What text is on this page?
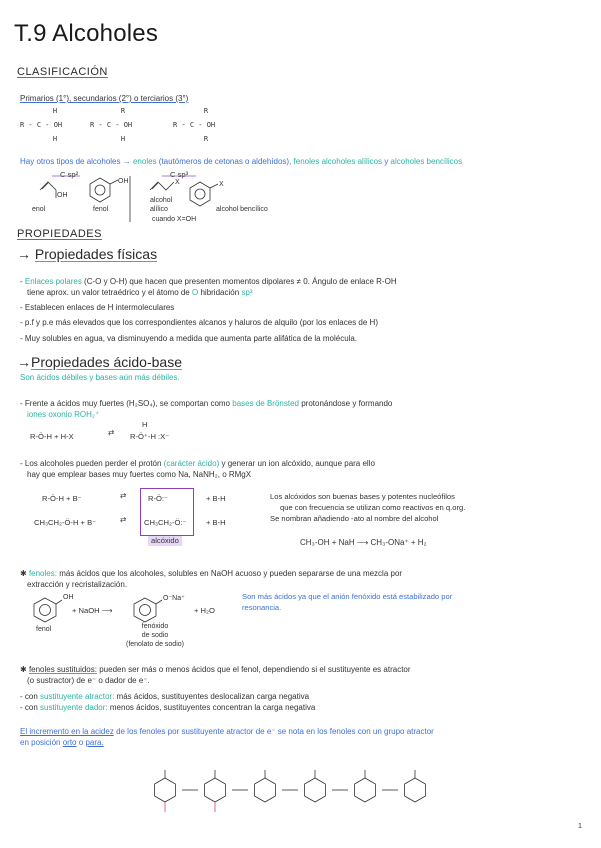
T.9 Alcoholes
CLASIFICACIÓN
Primarios (1°), secundarios (2°) o terciarios (3°)
H
R - C - OH
H
R
R - C - OH
H
R
R - C - OH
R
Hay otros tipos de alcoholes → enoles (tautómeros de cetonas o aldehídos), fenoles alcoholes alílicos y alcoholes bencílicos
C sp²	C sp³
OH
OH	X	X
enol	fenol
alcohol
alílico
cuando X=OH
alcohol bencílico
PROPIEDADES
→ Propiedades físicas
- Enlaces polares (C-O y O-H) que hacen que presenten momentos dipolares ≠ 0. Ángulo de enlace R-OH
tiene aprox. un valor tetraédrico y el átomo de O hibridación sp³
- Establecen enlaces de H intermoleculares
- p.f y p.e más elevados que los correspondientes alcanos y haluros de alquilo (por los enlaces de H)
- Muy solubles en agua, va disminuyendo a medida que aumenta parte alifática de la molécula.
→Propiedades ácido-base
Son ácidos débiles y bases aún más débiles.
- Frente a ácidos muy fuertes (H₂SO₄), se comportan como bases de Brönsted protonándose y formando
iones oxonio ROH₂⁺
R-Ö-H + H-X	⇄ R-Ö⁺-H :X⁻
H
- Los alcoholes pueden perder el protón (carácter ácido) y generar un ion alcóxido, aunque para ello
hay que emplear bases muy fuertes como Na, NaNH₂, o RMgX
R-Ö-H + B⁻	⇄	R-Ö:⁻	+ B-H
CH₃CH₂-Ö-H + B⁻	⇄ CH₃CH₂-Ö:⁻	+ B-H
alcóxido
Los alcóxidos son buenas bases y potentes nucleófilos
que con frecuencia se utilizan como reactivos en q.org.
Se nombran añadiendo -ato al nombre del alcohol
CH₃-OH + NaH ⟶ CH₃-ONa⁺ + H₂
✱ fenoles: más ácidos que los alcoholes, solubles en NaOH acuoso y pueden separarse de una mezcla por
extracción y recristalización.
OH
+ NaOH ⟶
O⁻Na⁺
+ H₂O
fenol	fenóxido
de sodio
(fenolato de sodio)
Son más ácidos ya que el anión fenóxido está estabilizado por
resonancia.
✱ fenoles sustituidos: pueden ser más o menos ácidos que el fenol, dependiendo si el sustituyente es atractor
(o sustractor) de e⁻ o dador de e⁻.
- con sustituyente atractor: más ácidos, sustituyentes deslocalizan carga negativa
- con sustituyente dador: menos ácidos, sustituyentes concentran la carga negativa
El incremento en la acidez de los fenoles por sustituyente atractor de e⁻ se nota en los fenoles con un grupo atractor
en posición orto o para.
1
